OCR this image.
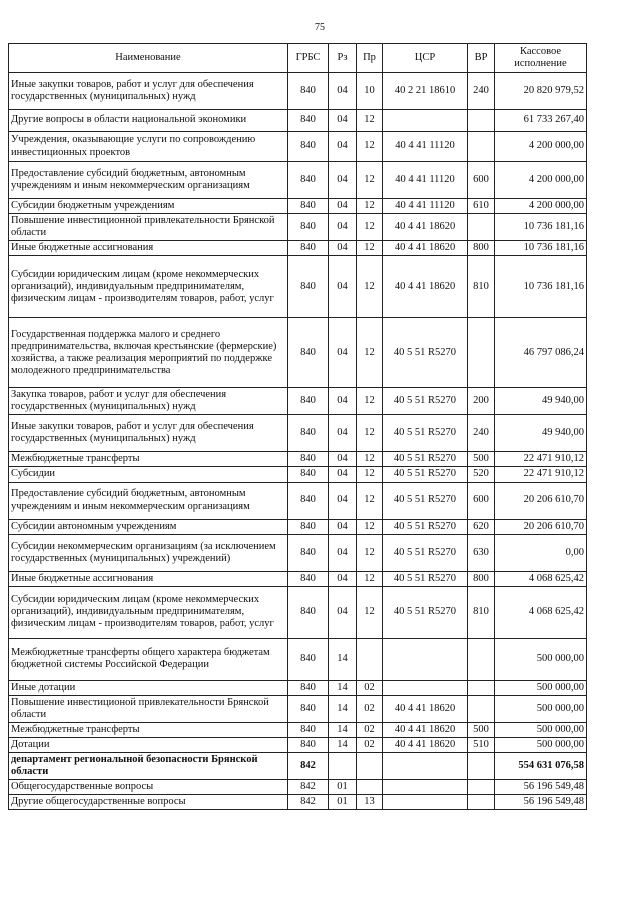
75
Наименование	ГРБС	Рз	Пр	ЦСР	ВР	Кассовое исполнение
Иные закупки товаров, работ и услуг для обеспечения государственных (муниципальных) нужд	840	04	10	40 2 21 18610	240	20 820 979,52
Другие вопросы в области национальной экономики	840	04	12			61 733 267,40
Учреждения, оказывающие услуги по сопровождению инвестиционных проектов	840	04	12	40 4 41 11120		4 200 000,00
Предоставление субсидий бюджетным, автономным учреждениям и иным некоммерческим организациям	840	04	12	40 4 41 11120	600	4 200 000,00
Субсидии бюджетным учреждениям	840	04	12	40 4 41 11120	610	4 200 000,00
Повышение инвестиционной привлекательности Брянской области	840	04	12	40 4 41 18620		10 736 181,16
Иные бюджетные ассигнования	840	04	12	40 4 41 18620	800	10 736 181,16
Субсидии юридическим лицам (кроме некоммерческих организаций), индивидуальным предпринимателям, физическим лицам - производителям товаров, работ, услуг	840	04	12	40 4 41 18620	810	10 736 181,16
Государственная поддержка малого и среднего предпринимательства, включая крестьянские (фермерские) хозяйства, а также реализация мероприятий по поддержке молодежного предпринимательства	840	04	12	40 5 51 R5270		46 797 086,24
Закупка товаров, работ и услуг для обеспечения государственных (муниципальных) нужд	840	04	12	40 5 51 R5270	200	49 940,00
Иные закупки товаров, работ и услуг для обеспечения государственных (муниципальных) нужд	840	04	12	40 5 51 R5270	240	49 940,00
Межбюджетные трансферты	840	04	12	40 5 51 R5270	500	22 471 910,12
Субсидии	840	04	12	40 5 51 R5270	520	22 471 910,12
Предоставление субсидий бюджетным, автономным учреждениям и иным некоммерческим организациям	840	04	12	40 5 51 R5270	600	20 206 610,70
Субсидии автономным учреждениям	840	04	12	40 5 51 R5270	620	20 206 610,70
Субсидии некоммерческим организациям (за исключением государственных (муниципальных) учреждений)	840	04	12	40 5 51 R5270	630	0,00
Иные бюджетные ассигнования	840	04	12	40 5 51 R5270	800	4 068 625,42
Субсидии юридическим лицам (кроме некоммерческих организаций), индивидуальным предпринимателям, физическим лицам - производителям товаров, работ, услуг	840	04	12	40 5 51 R5270	810	4 068 625,42
Межбюджетные трансферты общего характера бюджетам бюджетной системы Российской Федерации	840	14				500 000,00
Иные дотации	840	14	02			500 000,00
Повышение инвестиционой привлекательности Брянской области	840	14	02	40 4 41 18620		500 000,00
Межбюджетные трансферты	840	14	02	40 4 41 18620	500	500 000,00
Дотации	840	14	02	40 4 41 18620	510	500 000,00
департамент регионалыной безопасности Брянской области	842					554 631 076,58
Общегосударственные вопросы	842	01				56 196 549,48
Другие общегосударственные вопросы	842	01	13			56 196 549,48
